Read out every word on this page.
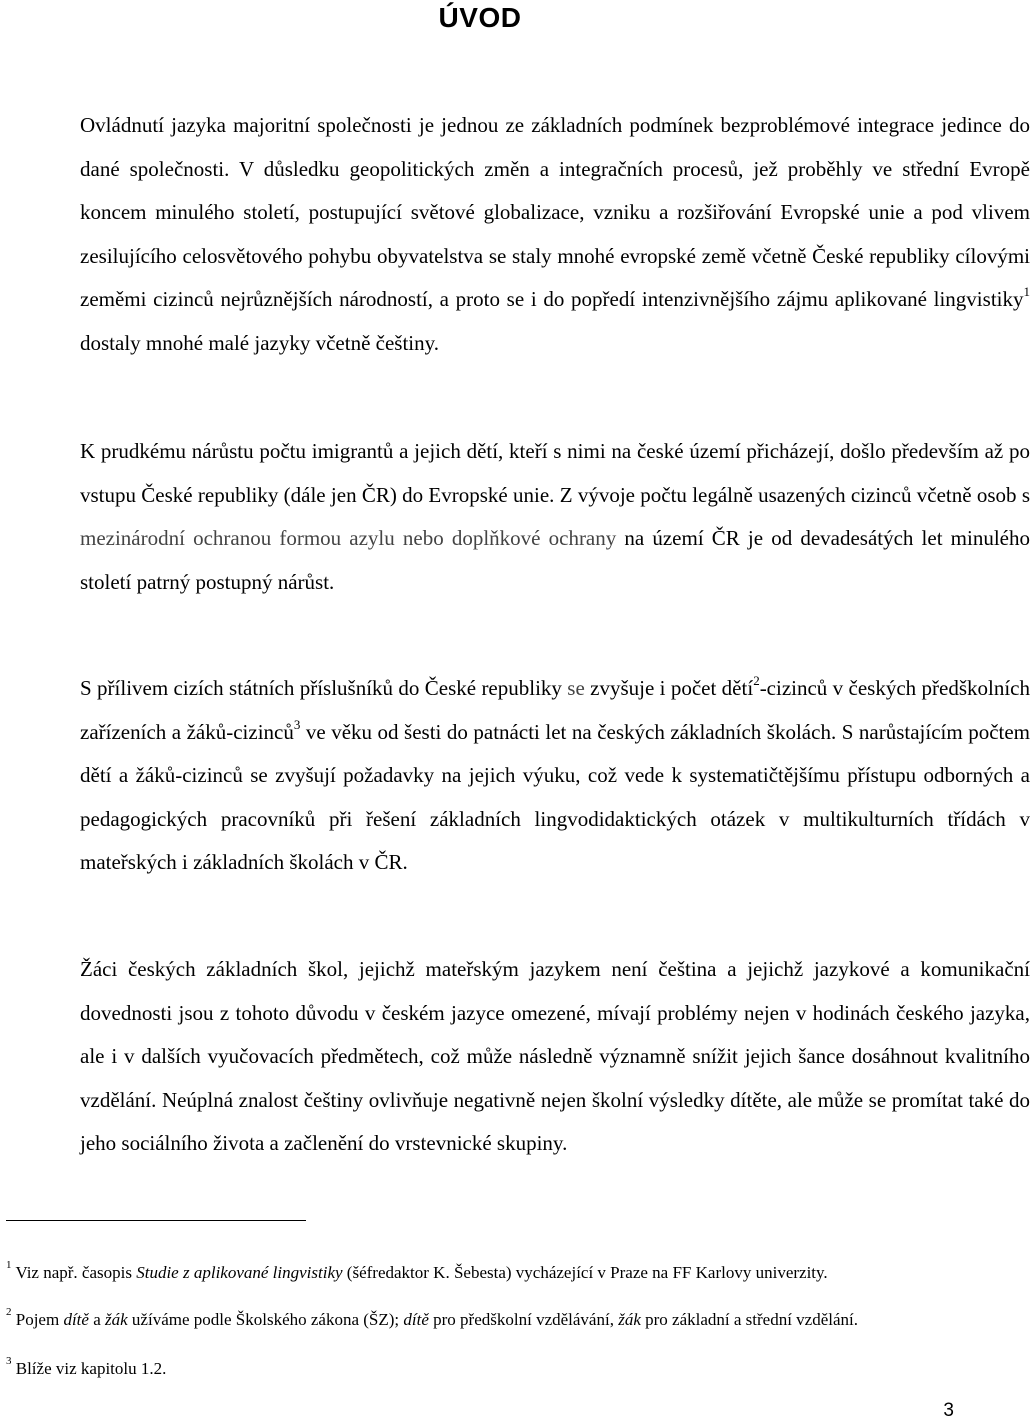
ÚVOD

Ovládnutí jazyka majoritní společnosti je jednou ze základních podmínek bezproblémové integrace jedince do dané společnosti. V důsledku geopolitických změn a integračních procesů, jež proběhly ve střední Evropě koncem minulého století, postupující světové globalizace, vzniku a rozšiřování Evropské unie a pod vlivem zesilujícího celosvětového pohybu obyvatelstva se staly mnohé evropské země včetně České republiky cílovými zeměmi cizinců nejrůznějších národností, a proto se i do popředí intenzivnějšího zájmu aplikované lingvistiky$^1$ dostaly mnohé malé jazyky včetně češtiny.

K prudkému nárůstu počtu imigrantů a jejich dětí, kteří s nimi na české území přicházejí, došlo především až po vstupu České republiky (dále jen ČR) do Evropské unie. Z vývoje počtu legálně usazených cizinců včetně osob s mezinárodní ochranou formou azylu nebo doplňkové ochrany na území ČR je od devadesátých let minulého století patrný postupný nárůst.

S přílivem cizích státních příslušníků do České republiky se zvyšuje i počet dětí$^2$-cizinců v českých předškolních zařízeních a žáků-cizinců$^3$ ve věku od šesti do patnácti let na českých základních školách. S narůstajícím počtem dětí a žáků-cizinců se zvyšují požadavky na jejich výuku, což vede k systematičtějšímu přístupu odborných a pedagogických pracovníků při řešení základních lingvodidaktických otázek v multikulturních třídách v mateřských i základních školách v ČR.

Žáci českých základních škol, jejichž mateřským jazykem není čeština a jejichž jazykové a komunikační dovednosti jsou z tohoto důvodu v českém jazyce omezené, mívají problémy nejen v hodinách českého jazyka, ale i v dalších vyučovacích předmětech, což může následně významně snížit jejich šance dosáhnout kvalitního vzdělání. Neúplná znalost češtiny ovlivňuje negativně nejen školní výsledky dítěte, ale může se promítat také do jeho sociálního života a začlenění do vrstevnické skupiny.

$^1$ Viz např. časopis Studie z aplikované lingvistiky (šéfredaktor K. Šebesta) vycházející v Praze na FF Karlovy univerzity.

$^2$ Pojem dítě a žák užíváme podle Školského zákona (ŠZ); dítě pro předškolní vzdělávání, žák pro základní a střední vzdělání.

$^3$ Blíže viz kapitolu 1.2.

3
